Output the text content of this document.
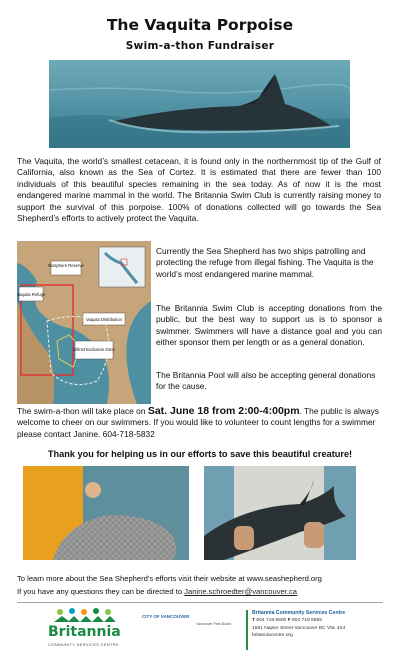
The Vaquita Porpoise
Swim-a-thon Fundraiser
The Vaquita, the world’s smallest cetacean, it is found only in the northernmost tip of the Gulf of California, also known as the Sea of Cortez. It is estimated that there are fewer than 100 individuals of this beautiful species remaining in the sea today. As of now it is the most endangered marine mammal in the world. The Britannia Swim Club is currently raising money to support the survival of this porpoise. 100% of donations collected will go towards the Sea Shepherd’s efforts to actively protect the Vaquita.
Biosphere Reserve
Vaquita Refuge
Vaquita Distribution
Gillnet Exclusion Zone
Currently the Sea Shepherd has two ships patrolling and protecting the refuge from illegal fishing. The Vaquita is the world’s most endangered marine mammal.
The Britannia Swim Club is accepting donations from the public, but the best way to support us is to sponsor a swimmer. Swimmers will have a distance goal and you can either sponsor them per length or as a general donation.
The Britannia Pool will also be accepting general donations for the cause.
The swim-a-thon will take place on Sat. June 18 from 2:00-4:00pm. The public is always welcome to cheer on our swimmers. If you would like to volunteer to count lengths for a swimmer please contact Janine. 604-718-5832
Thank you for helping us in our efforts to save this beautiful creature!
To learn more about the Sea Shepherd’s efforts visit their website at www.seashepherd.org
If you have any questions they can be directed to Janine.schroedter@vancouver.ca
Britannia
COMMUNITY SERVICES CENTRE
CITY OF VANCOUVER
Vancouver Park Board
Britannia Community Services Centre
T 604 718 5800 F 604 718 5855
1661 Napier Street Vancouver BC V5L 4X4
britanniacentre.org
